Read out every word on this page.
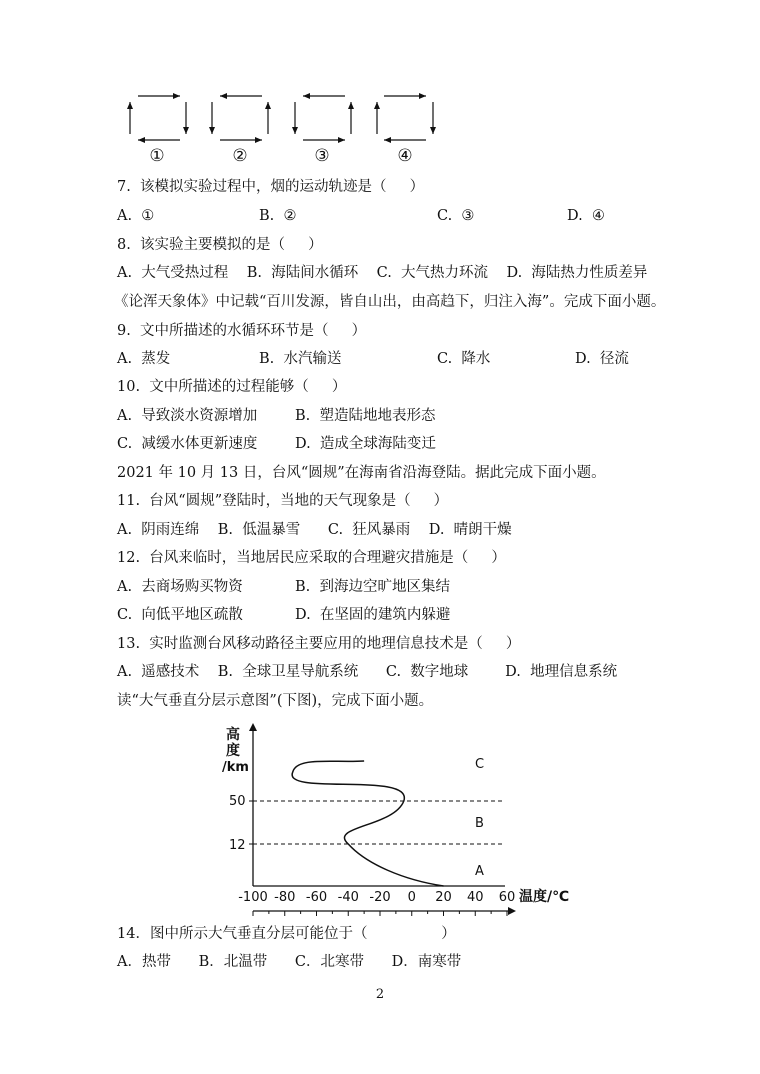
①	②	③	④
7.  该模拟实验过程中，烟的运动轨迹是（     ）
A.  ①	B.  ②	C.  ③	D.  ④
8.  该实验主要模拟的是（     ）
A.  大气受热过程    B.  海陆间水循环    C.  大气热力环流    D.  海陆热力性质差异
《论浑天象体》中记载“百川发源，皆自山出，由高趋下，归注入海”。完成下面小题。
9.  文中所描述的水循环环节是（     ）
A.  蒸发	B.  水汽输送	C.  降水	D.  径流
10.  文中所描述的过程能够（     ）
A.  导致淡水资源增加	B.  塑造陆地地表形态
C.  减缓水体更新速度	D.  造成全球海陆变迁
2021 年 10 月 13 日，台风“圆规”在海南省沿海登陆。据此完成下面小题。
11.  台风“圆规”登陆时，当地的天气现象是（     ）
A.  阴雨连绵    B.  低温暴雪      C.  狂风暴雨    D.  晴朗干燥
12.  台风来临时，当地居民应采取的合理避灾措施是（     ）
A.  去商场购买物资	B.  到海边空旷地区集结
C.  向低平地区疏散	D.  在坚固的建筑内躲避
13.  实时监测台风移动路径主要应用的地理信息技术是（     ）
A.  遥感技术    B.  全球卫星导航系统      C.  数字地球        D.  地理信息系统
读“大气垂直分层示意图”(下图)，完成下面小题。
高
度
/km
50
12
C
B
A
温度/℃
-100 -80 -60 -40 -20 0 20 40 60
14．图中所示大气垂直分层可能位于（                ）
A．热带      B．北温带      C．北寒带      D．南寒带
2
